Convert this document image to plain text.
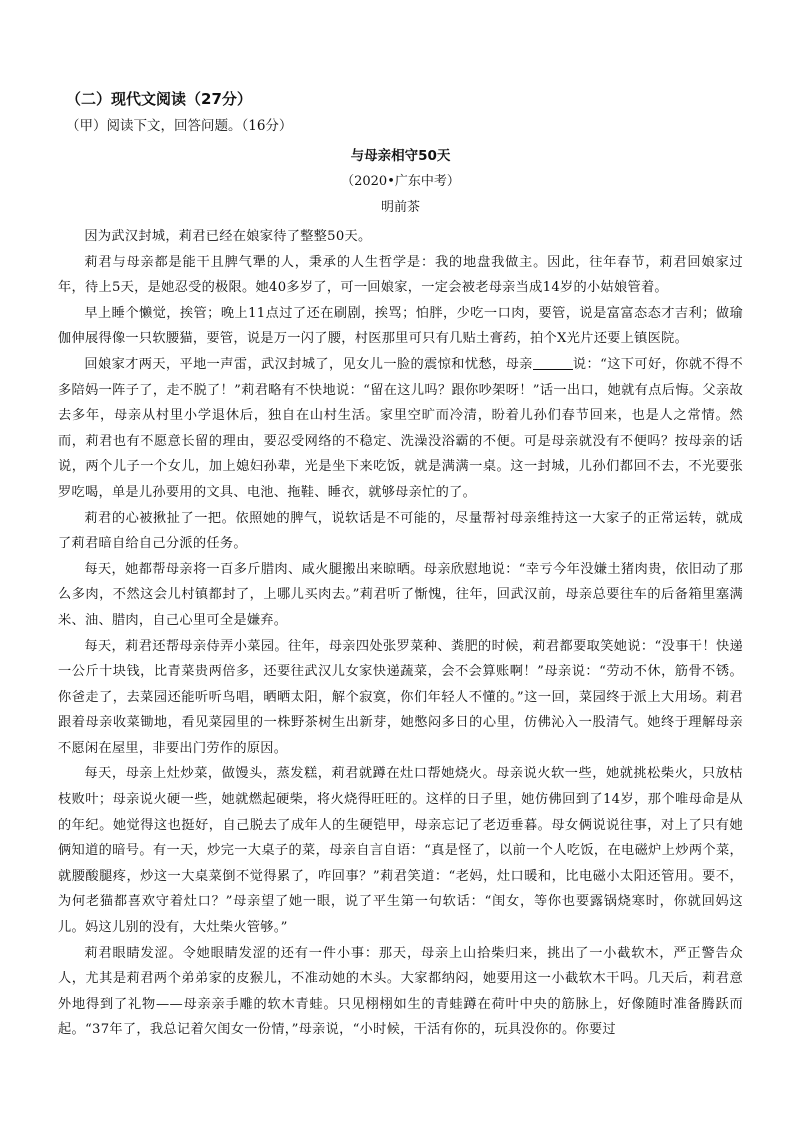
（二）现代文阅读（27分）
（甲）阅读下文，回答问题。（16分）
与母亲相守50天
（2020•广东中考）
明前茶

因为武汉封城，莉君已经在娘家待了整整50天。

莉君与母亲都是能干且脾气犟的人，秉承的人生哲学是：我的地盘我做主。因此，往年春节，莉君回娘家过年，待上5天，是她忍受的极限。她40多岁了，可一回娘家，一定会被老母亲当成14岁的小姑娘管着。

早上睡个懒觉，挨管；晚上11点过了还在刷剧，挨骂；怕胖，少吃一口肉，要管，说是富富态态才吉利；做瑜伽伸展得像一只软腰猫，要管，说是万一闪了腰，村医那里可只有几贴土膏药，拍个X光片还要上镇医院。

回娘家才两天，平地一声雷，武汉封城了，见女儿一脸的震惊和忧愁，母亲	说：“这下可好，你就不得不多陪妈一阵子了，走不脱了！”莉君略有不快地说：“留在这儿吗？跟你吵架呀！”话一出口，她就有点后悔。父亲故去多年，母亲从村里小学退休后，独自在山村生活。家里空旷而冷清，盼着儿孙们春节回来，也是人之常情。然而，莉君也有不愿意长留的理由，要忍受网络的不稳定、洗澡没浴霸的不便。可是母亲就没有不便吗？按母亲的话说，两个儿子一个女儿，加上媳妇孙辈，光是坐下来吃饭，就是满满一桌。这一封城，儿孙们都回不去，不光要张罗吃喝，单是儿孙要用的文具、电池、拖鞋、睡衣，就够母亲忙的了。

莉君的心被揪扯了一把。依照她的脾气，说软话是不可能的，尽量帮衬母亲维持这一大家子的正常运转，就成了莉君暗自给自己分派的任务。

每天，她都帮母亲将一百多斤腊肉、咸火腿搬出来晾晒。母亲欣慰地说：“幸亏今年没嫌土猪肉贵，依旧动了那么多肉，不然这会儿村镇都封了，上哪儿买肉去。”莉君听了惭愧，往年，回武汉前，母亲总要往车的后备箱里塞满米、油、腊肉，自己心里可全是嫌弃。

每天，莉君还帮母亲侍弄小菜园。往年，母亲四处张罗菜种、粪肥的时候，莉君都要取笑她说：“没事干！快递一公斤十块钱，比青菜贵两倍多，还要往武汉儿女家快递蔬菜，会不会算账啊！”母亲说：“劳动不休，筋骨不锈。你爸走了，去菜园还能听听鸟唱，晒晒太阳，解个寂寞，你们年轻人不懂的。”这一回，菜园终于派上大用场。莉君跟着母亲收菜锄地，看见菜园里的一株野茶树生出新芽，她憋闷多日的心里，仿佛沁入一股清气。她终于理解母亲不愿闲在屋里，非要出门劳作的原因。

每天，母亲上灶炒菜，做馒头，蒸发糕，莉君就蹲在灶口帮她烧火。母亲说火软一些，她就挑松柴火，只放枯枝败叶；母亲说火硬一些，她就燃起硬柴，将火烧得旺旺的。这样的日子里，她仿佛回到了14岁，那个唯母命是从的年纪。她觉得这也挺好，自己脱去了成年人的生硬铠甲，母亲忘记了老迈垂暮。母女俩说说往事，对上了只有她俩知道的暗号。有一天，炒完一大桌子的菜，母亲自言自语：“真是怪了，以前一个人吃饭，在电磁炉上炒两个菜，就腰酸腿疼，炒这一大桌菜倒不觉得累了，咋回事？”莉君笑道：“老妈，灶口暖和，比电磁小太阳还管用。要不，为何老猫都喜欢守着灶口？”母亲望了她一眼，说了平生第一句软话：“闺女，等你也要露锅烧寒时，你就回妈这儿。妈这儿别的没有，大灶柴火管够。”

莉君眼睛发涩。令她眼睛发涩的还有一件小事：那天，母亲上山拾柴归来，挑出了一小截软木，严正警告众人，尤其是莉君两个弟弟家的皮猴儿，不准动她的木头。大家都纳闷，她要用这一小截软木干吗。几天后，莉君意外地得到了礼物——母亲亲手雕的软木青蛙。只见栩栩如生的青蛙蹲在荷叶中央的筋脉上，好像随时准备腾跃而起。“37年了，我总记着欠闺女一份情，”母亲说，“小时候，干活有你的，玩具没你的。你要过
